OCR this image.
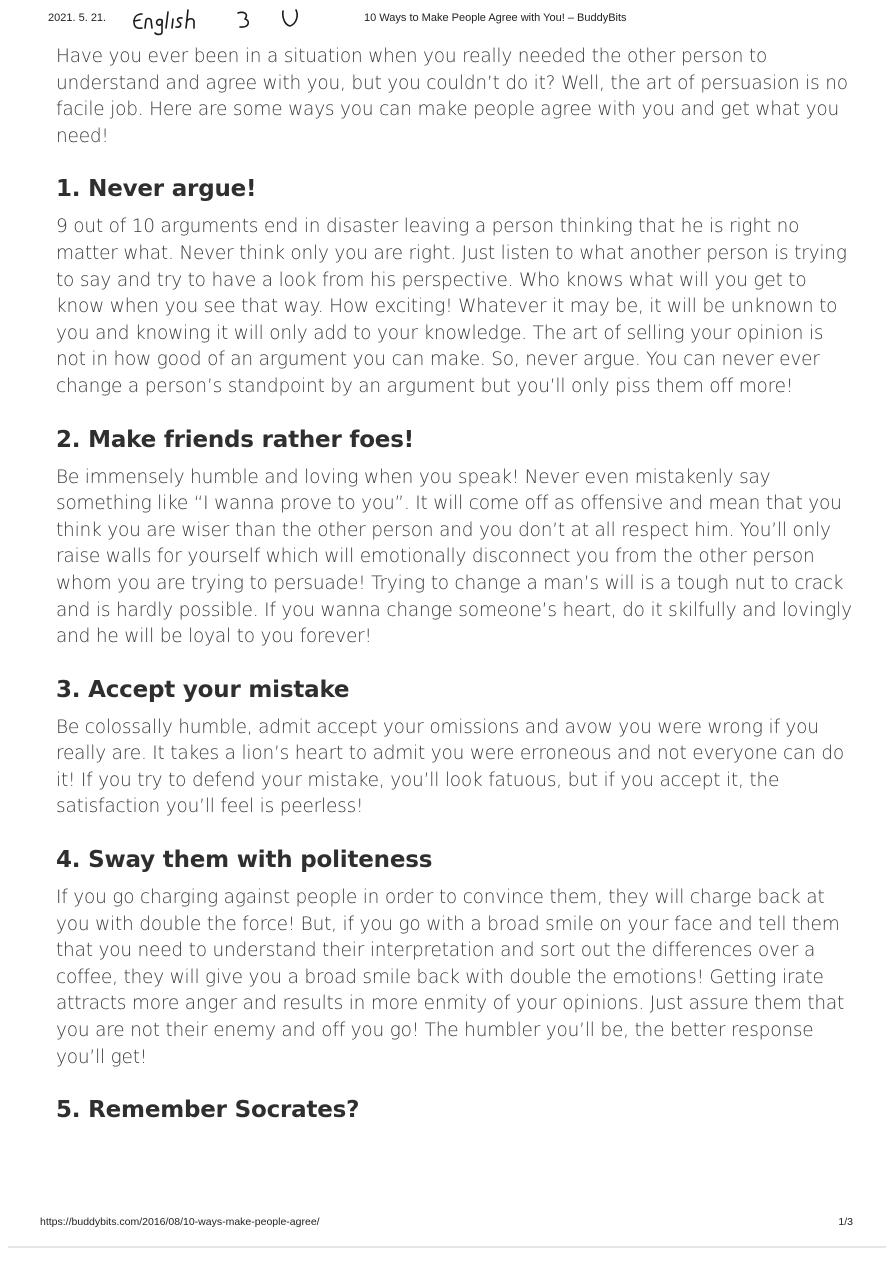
2021. 5. 21.	10 Ways to Make People Agree with You! – BuddyBits

Have you ever been in a situation when you really needed the other person to understand and agree with you, but you couldn’t do it? Well, the art of persuasion is no facile job. Here are some ways you can make people agree with you and get what you need!

1. Never argue!

9 out of 10 arguments end in disaster leaving a person thinking that he is right no matter what. Never think only you are right. Just listen to what another person is trying to say and try to have a look from his perspective. Who knows what will you get to know when you see that way. How exciting! Whatever it may be, it will be unknown to you and knowing it will only add to your knowledge. The art of selling your opinion is not in how good of an argument you can make. So, never argue. You can never ever change a person’s standpoint by an argument but you’ll only piss them off more!

2. Make friends rather foes!

Be immensely humble and loving when you speak! Never even mistakenly say something like “I wanna prove to you”. It will come off as offensive and mean that you think you are wiser than the other person and you don’t at all respect him. You’ll only raise walls for yourself which will emotionally disconnect you from the other person whom you are trying to persuade! Trying to change a man’s will is a tough nut to crack and is hardly possible. If you wanna change someone’s heart, do it skilfully and lovingly and he will be loyal to you forever!

3. Accept your mistake

Be colossally humble, admit accept your omissions and avow you were wrong if you really are. It takes a lion’s heart to admit you were erroneous and not everyone can do it! If you try to defend your mistake, you’ll look fatuous, but if you accept it, the satisfaction you’ll feel is peerless!

4. Sway them with politeness

If you go charging against people in order to convince them, they will charge back at you with double the force! But, if you go with a broad smile on your face and tell them that you need to understand their interpretation and sort out the differences over a coffee, they will give you a broad smile back with double the emotions! Getting irate attracts more anger and results in more enmity of your opinions. Just assure them that you are not their enemy and off you go! The humbler you’ll be, the better response you’ll get!

5. Remember Socrates?
https://buddybits.com/2016/08/10-ways-make-people-agree/	1/3
